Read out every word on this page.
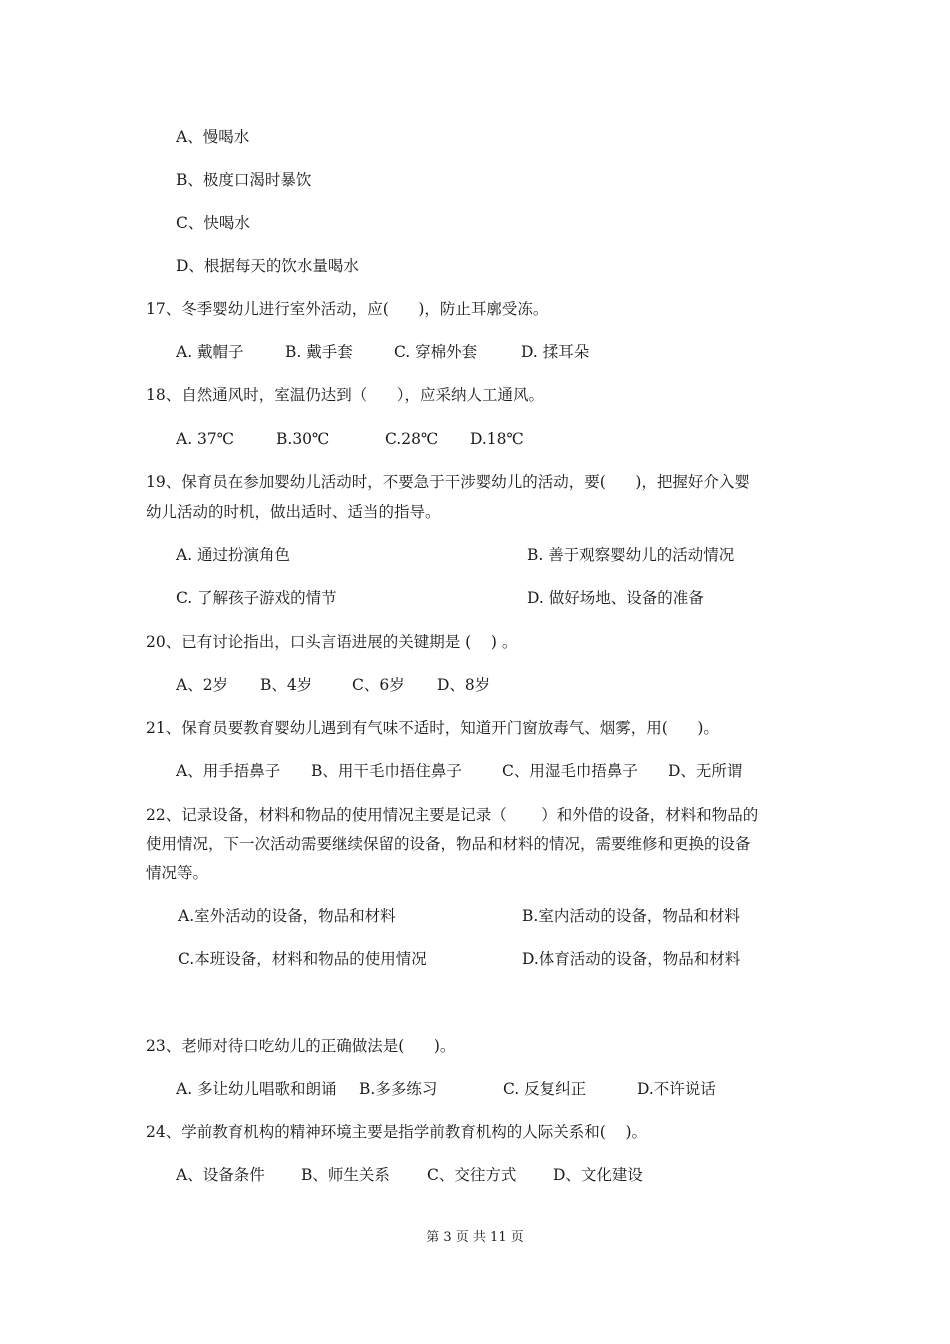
A、慢喝水
B、极度口渴时暴饮
C、快喝水
D、根据每天的饮水量喝水
17、冬季婴幼儿进行室外活动，应(      )，防止耳廓受冻。
A. 戴帽子	B. 戴手套	C. 穿棉外套	D. 揉耳朵
18、自然通风时，室温仍达到（      ），应采纳人工通风。
A. 37℃	B.30℃	C.28℃ D.18℃
19、保育员在参加婴幼儿活动时，不要急于干涉婴幼儿的活动，要(      )，把握好介入婴
幼儿活动的时机，做出适时、适当的指导。
A. 通过扮演角色	B. 善于观察婴幼儿的活动情况
C. 了解孩子游戏的情节	D. 做好场地、设备的准备
20、已有讨论指出，口头言语进展的关键期是 (    ) 。
A、2岁 B、4岁	C、6岁 D、8岁
21、保育员要教育婴幼儿遇到有气味不适时，知道开门窗放毒气、烟雾，用(      )。
A、用手捂鼻子 B、用干毛巾捂住鼻子	C、用湿毛巾捂鼻子 D、无所谓
22、记录设备，材料和物品的使用情况主要是记录（       ）和外借的设备，材料和物品的
使用情况，下一次活动需要继续保留的设备，物品和材料的情况，需要维修和更换的设备
情况等。
A.室外活动的设备，物品和材料	B.室内活动的设备，物品和材料
C.本班设备，材料和物品的使用情况	D.体育活动的设备，物品和材料
23、老师对待口吃幼儿的正确做法是(      )。
A. 多让幼儿唱歌和朗诵 B.多多练习	C. 反复纠正	D.不许说话
24、学前教育机构的精神环境主要是指学前教育机构的人际关系和(    )。
A、设备条件 B、师生关系 C、交往方式 D、文化建设
第 3 页 共 11 页
